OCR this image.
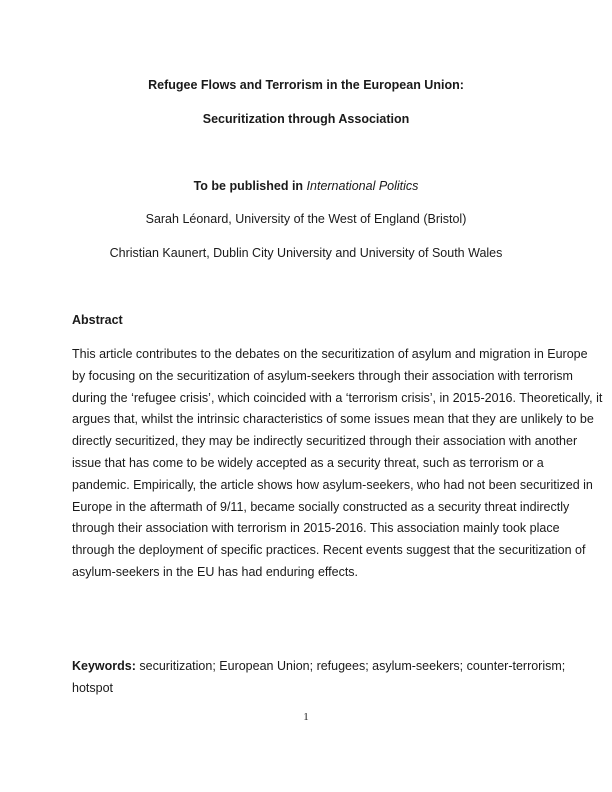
Refugee Flows and Terrorism in the European Union:
Securitization through Association
To be published in International Politics
Sarah Léonard, University of the West of England (Bristol)
Christian Kaunert, Dublin City University and University of South Wales
Abstract
This article contributes to the debates on the securitization of asylum and migration in Europe
by focusing on the securitization of asylum-seekers through their association with terrorism
during the ‘refugee crisis’, which coincided with a ‘terrorism crisis’, in 2015-2016. Theoretically, it
argues that, whilst the intrinsic characteristics of some issues mean that they are unlikely to be
directly securitized, they may be indirectly securitized through their association with another
issue that has come to be widely accepted as a security threat, such as terrorism or a
pandemic. Empirically, the article shows how asylum-seekers, who had not been securitized in
Europe in the aftermath of 9/11, became socially constructed as a security threat indirectly
through their association with terrorism in 2015-2016. This association mainly took place
through the deployment of specific practices. Recent events suggest that the securitization of
asylum-seekers in the EU has had enduring effects.
Keywords: securitization; European Union; refugees; asylum-seekers; counter-terrorism;
hotspot
1
